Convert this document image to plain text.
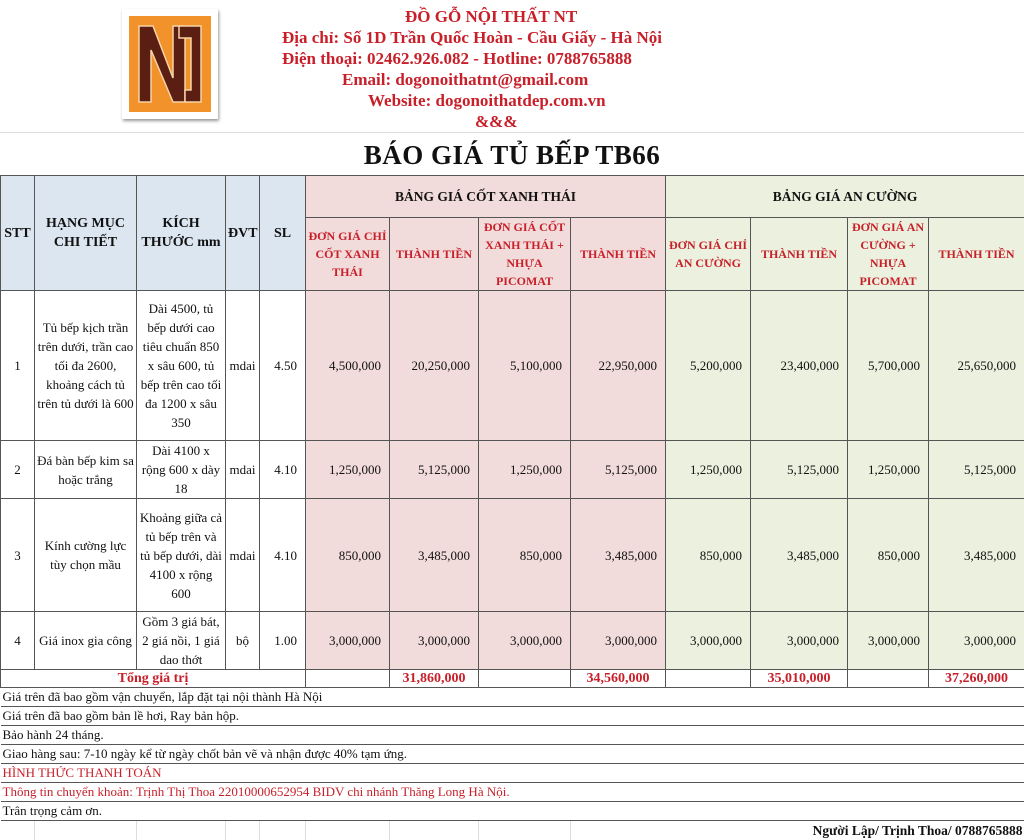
ĐỒ GỖ NỘI THẤT NT
Địa chỉ: Số 1D Trần Quốc Hoàn - Cầu Giấy - Hà Nội
Điện thoại: 02462.926.082 - Hotline: 0788765888
Email: dogonoithatnt@gmail.com
Website: dogonoithatdep.com.vn
&&&
BÁO GIÁ TỦ BẾP TB66
STT	HẠNG MỤC CHI TIẾT	KÍCH THƯỚC mm	ĐVT	SL	BẢNG GIÁ CỐT XANH THÁI				BẢNG GIÁ AN CƯỜNG			
					ĐƠN GIÁ CHỈ CỐT XANH THÁI	THÀNH TIỀN	ĐƠN GIÁ CỐT XANH THÁI + NHỰA PICOMAT	THÀNH TIỀN	ĐƠN GIÁ CHỈ AN CƯỜNG	THÀNH TIỀN	ĐƠN GIÁ AN CƯỜNG + NHỰA PICOMAT	THÀNH TIỀN
1	Tủ bếp kịch trần trên dưới, trần cao tối đa 2600, khoảng cách tủ trên tủ dưới là 600	Dài 4500, tủ bếp dưới cao tiêu chuẩn 850 x sâu 600, tủ bếp trên cao tối đa 1200 x sâu 350	mdai	4.50	4,500,000	20,250,000	5,100,000	22,950,000	5,200,000	23,400,000	5,700,000	25,650,000
2	Đá bàn bếp kim sa hoặc trắng	Dài 4100 x rộng 600 x dày 18	mdai	4.10	1,250,000	5,125,000	1,250,000	5,125,000	1,250,000	5,125,000	1,250,000	5,125,000
3	Kính cường lực tùy chọn mầu	Khoảng giữa cả tủ bếp trên và tủ bếp dưới, dài 4100 x rộng 600	mdai	4.10	850,000	3,485,000	850,000	3,485,000	850,000	3,485,000	850,000	3,485,000
4	Giá inox gia công	Gồm 3 giá bát, 2 giá nồi, 1 giá dao thớt	bộ	1.00	3,000,000	3,000,000	3,000,000	3,000,000	3,000,000	3,000,000	3,000,000	3,000,000
Tổng giá trị						31,860,000		34,560,000		35,010,000		37,260,000
Giá trên đã bao gồm vận chuyển, lắp đặt tại nội thành Hà Nội												
Giá trên đã bao gồm bản lề hơi, Ray bản hộp.												
Bảo hành 24 tháng.												
Giao hàng sau: 7-10 ngày kể từ ngày chốt bản vẽ và nhận được 40% tạm ứng.												
HÌNH THỨC THANH TOÁN												
Thông tin chuyển khoản: Trịnh Thị Thoa 22010000652954 BIDV chi nhánh Thăng Long Hà Nội.												
Trân trọng cảm ơn.												
								Người Lập/ Trịnh Thoa/ 0788765888				
